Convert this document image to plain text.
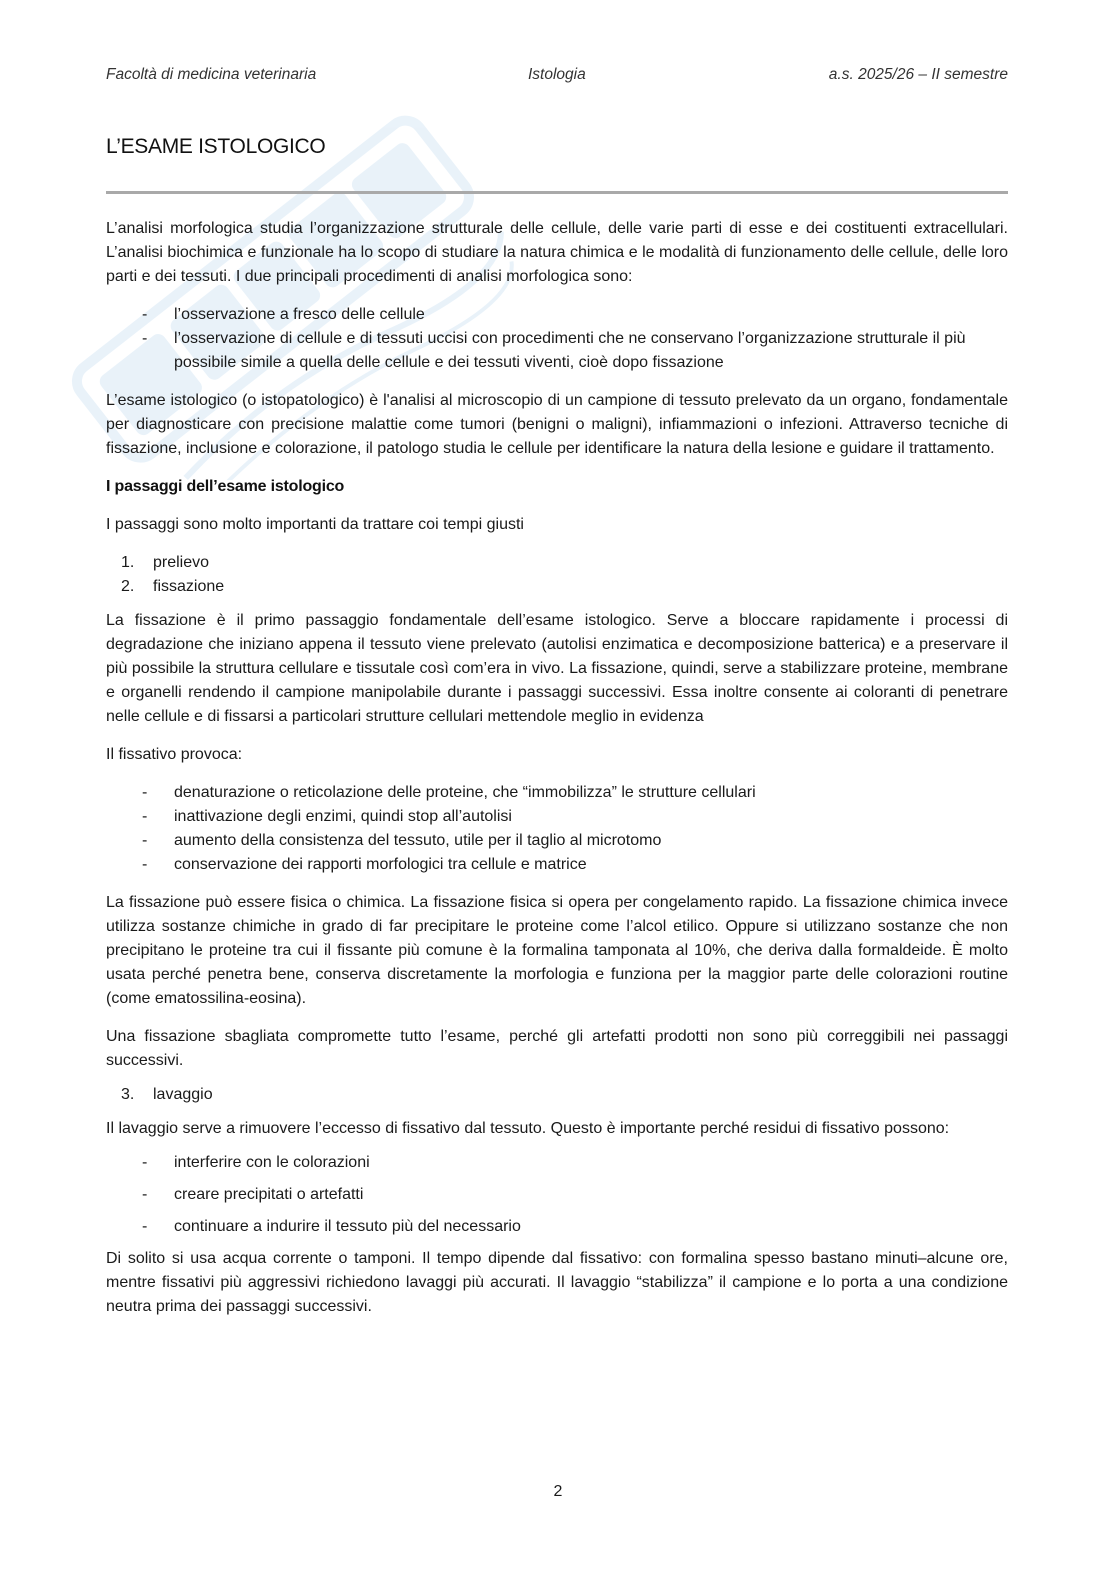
Facoltà di medicina veterinaria	Istologia	a.s. 2025/26 – II semestre
L’ESAME ISTOLOGICO

L’analisi morfologica studia l’organizzazione strutturale delle cellule, delle varie parti di esse e dei costituenti extracellulari. L’analisi biochimica e funzionale ha lo scopo di studiare la natura chimica e le modalità di funzionamento delle cellule, delle loro parti e dei tessuti. I due principali procedimenti di analisi morfologica sono:

- l’osservazione a fresco delle cellule
- l’osservazione di cellule e di tessuti uccisi con procedimenti che ne conservano l’organizzazione strutturale il più possibile simile a quella delle cellule e dei tessuti viventi, cioè dopo fissazione

L’esame istologico (o istopatologico) è l'analisi al microscopio di un campione di tessuto prelevato da un organo, fondamentale per diagnosticare con precisione malattie come tumori (benigni o maligni), infiammazioni o infezioni. Attraverso tecniche di fissazione, inclusione e colorazione, il patologo studia le cellule per identificare la natura della lesione e guidare il trattamento.

I passaggi dell’esame istologico

I passaggi sono molto importanti da trattare coi tempi giusti

1. prelievo
2. fissazione

La fissazione è il primo passaggio fondamentale dell’esame istologico. Serve a bloccare rapidamente i processi di degradazione che iniziano appena il tessuto viene prelevato (autolisi enzimatica e decomposizione batterica) e a preservare il più possibile la struttura cellulare e tissutale così com’era in vivo. La fissazione, quindi, serve a stabilizzare proteine, membrane e organelli rendendo il campione manipolabile durante i passaggi successivi. Essa inoltre consente ai coloranti di penetrare nelle cellule e di fissarsi a particolari strutture cellulari mettendole meglio in evidenza

Il fissativo provoca:

- denaturazione o reticolazione delle proteine, che “immobilizza” le strutture cellulari
- inattivazione degli enzimi, quindi stop all’autolisi
- aumento della consistenza del tessuto, utile per il taglio al microtomo
- conservazione dei rapporti morfologici tra cellule e matrice

La fissazione può essere fisica o chimica. La fissazione fisica si opera per congelamento rapido. La fissazione chimica invece utilizza sostanze chimiche in grado di far precipitare le proteine come l’alcol etilico. Oppure si utilizzano sostanze che non precipitano le proteine tra cui il fissante più comune è la formalina tamponata al 10%, che deriva dalla formaldeide. È molto usata perché penetra bene, conserva discretamente la morfologia e funziona per la maggior parte delle colorazioni routine (come ematossilina-eosina).

Una fissazione sbagliata compromette tutto l’esame, perché gli artefatti prodotti non sono più correggibili nei passaggi successivi.

3. lavaggio

Il lavaggio serve a rimuovere l’eccesso di fissativo dal tessuto. Questo è importante perché residui di fissativo possono:

- interferire con le colorazioni
- creare precipitati o artefatti
- continuare a indurire il tessuto più del necessario

Di solito si usa acqua corrente o tamponi. Il tempo dipende dal fissativo: con formalina spesso bastano minuti–alcune ore, mentre fissativi più aggressivi richiedono lavaggi più accurati. Il lavaggio “stabilizza” il campione e lo porta a una condizione neutra prima dei passaggi successivi.

2
